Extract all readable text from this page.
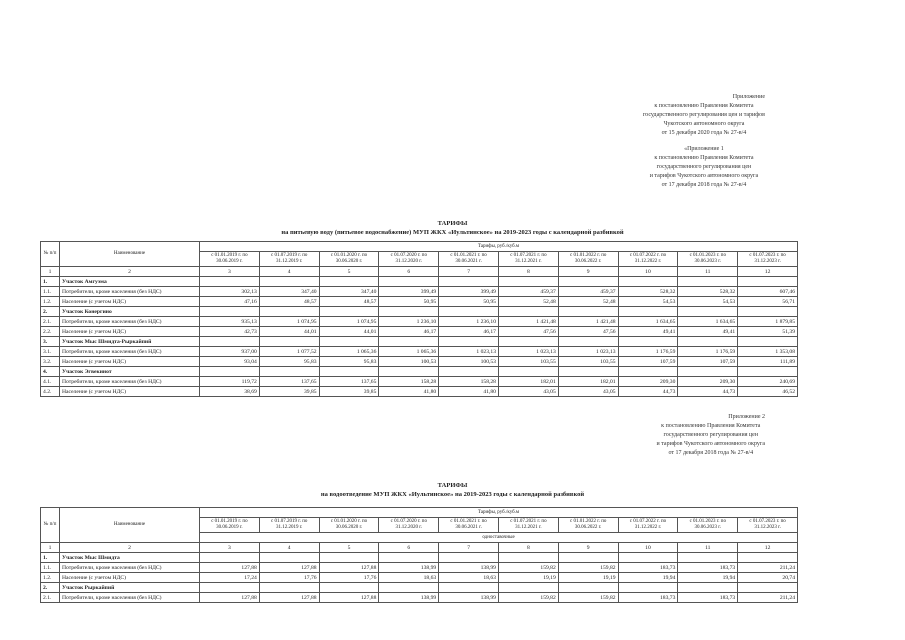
Приложение
к постановлению Правления Комитета
государственного регулирования цен и тарифов
Чукотского автономного округа
от 15 декабря 2020 года № 27-в/4
«Приложение 1
к постановлению Правления Комитета
государственного регулирования цен
и тарифов Чукотского автономного округа
от 17 декабря 2018 года № 27-в/4
ТАРИФЫ
на питьевую воду (питьевое водоснабжение) МУП ЖКХ «Иультинское» на 2019-2023 годы с календарной разбивкой
№ п/п	Наименование	Тарифы, руб./куб.м									
		с 01.01.2019 г. по 30.06.2019 г.	с 01.07.2019 г. по 31.12.2019 г.	с 01.01.2020 г. по 30.06.2020 г.	с 01.07.2020 г. по 31.12.2020 г.	с 01.01.2021 г. по 30.06.2021 г.	с 01.07.2021 г. по 31.12.2021 г.	с 01.01.2022 г. по 30.06.2022 г.	с 01.07.2022 г. по 31.12.2022 г.	с 01.01.2023 г. по 30.06.2023 г.	с 01.07.2023 г. по 31.12.2023 г.
1	2	3	4	5	6	7	8	9	10	11	12
1.	Участок Амгуэма										
1.1.	Потребители, кроме населения (без НДС)	302,13	347,40	347,40	399,49	399,49	459,37	459,37	528,32	528,32	607,46
1.2.	Население (с учетом НДС)	47,16	48,57	48,57	50,95	50,95	52,48	52,48	54,53	54,53	56,71
2.	Участок Конергино										
2.1.	Потребители, кроме населения (без НДС)	935,13	1 074,95	1 074,95	1 236,10	1 236,10	1 421,48	1 421,48	1 634,65	1 634,65	1 879,85
2.2.	Население (с учетом НДС)	42,73	44,01	44,01	46,17	46,17	47,56	47,56	49,41	49,41	51,39
3.	Участок Мыс Шмидта-Рыркайпий										
3.1.	Потребители, кроме населения (без НДС)	937,00	1 077,52	1 065,36	1 065,36	1 023,13	1 023,13	1 023,13	1 176,59	1 176,59	1 353,08
3.2.	Население (с учетом НДС)	93,04	95,83	95,83	100,53	100,53	103,55	103,55	107,59	107,59	111,89
4.	Участок Эгвекинот										
4.1.	Потребители, кроме населения (без НДС)	119,72	137,65	137,65	158,28	158,28	182,01	182,01	209,30	209,30	240,69
4.2.	Население (с учетом НДС)	38,69	39,85	39,85	41,80	41,80	43,05	43,05	44,73	44,73	46,52
Приложение 2
к постановлению Правления Комитета
государственного регулирования цен
и тарифов Чукотского автономного округа
от 17 декабря 2018 года № 27-в/4
ТАРИФЫ
на водоотведение МУП ЖКХ «Иультинское» на 2019-2023 годы с календарной разбивкой
№ п/п	Наименование	Тарифы, руб./куб.м									
		с 01.01.2019 г. по 30.06.2019 г.	с 01.07.2019 г. по 31.12.2019 г.	с 01.01.2020 г. по 30.06.2020 г.	с 01.07.2020 г. по 31.12.2020 г.	с 01.01.2021 г. по 30.06.2021 г.	с 01.07.2021 г. по 31.12.2021 г.	с 01.01.2022 г. по 30.06.2022 г.	с 01.07.2022 г. по 31.12.2022 г.	с 01.01.2023 г. по 30.06.2023 г.	с 01.07.2023 г. по 31.12.2023 г.
		одноставочные									
1	2	3	4	5	6	7	8	9	10	11	12
1.	Участок Мыс Шмидта										
1.1.	Потребители, кроме населения (без НДС)	127,88	127,88	127,88	138,99	138,99	159,82	159,82	183,73	183,73	211,24
1.2.	Население (с учетом НДС)	17,24	17,76	17,76	18,63	18,63	19,19	19,19	19,94	19,94	20,74
2.	Участок Рыркайпий										
2.1.	Потребители, кроме населения (без НДС)	127,88	127,88	127,88	138,99	138,99	159,82	159,82	183,73	183,73	211,24
